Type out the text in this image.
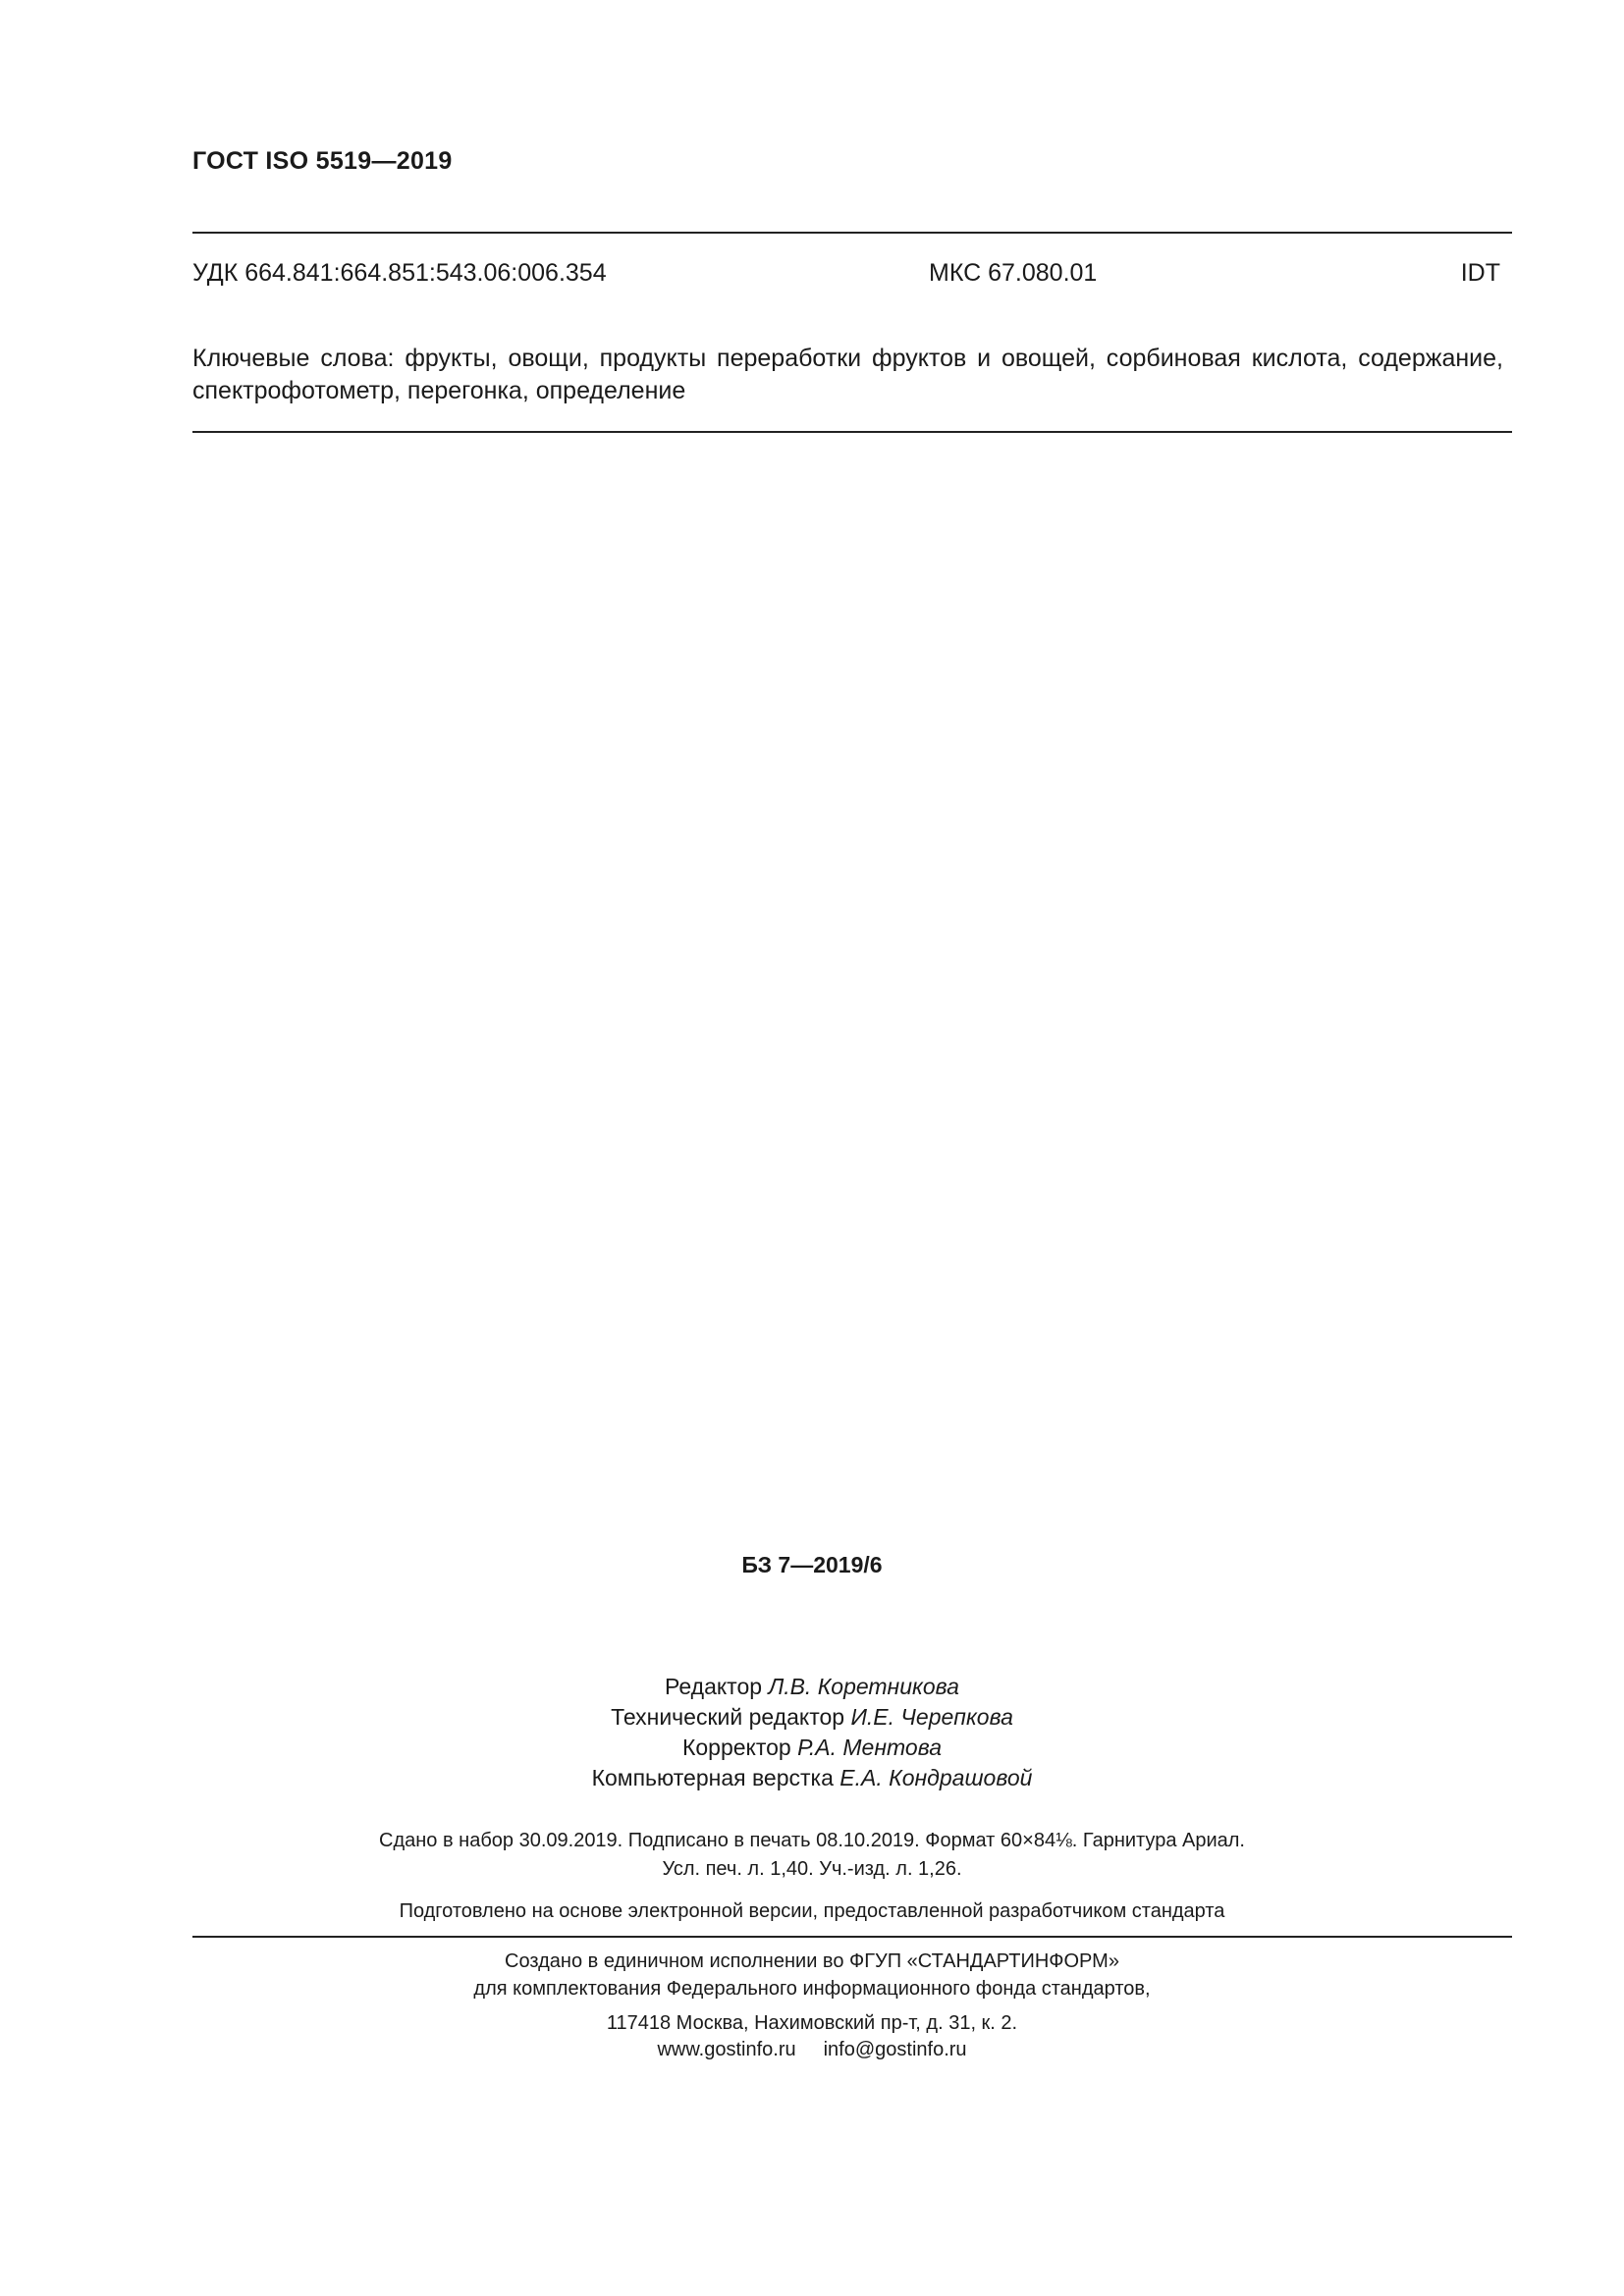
ГОСТ ISO 5519—2019
УДК 664.841:664.851:543.06:006.354	МКС 67.080.01	IDT
Ключевые слова: фрукты, овощи, продукты переработки фруктов и овощей, сорбиновая кислота, содержание, спектрофотометр, перегонка, определение
БЗ 7—2019/6
Редактор Л.В. Коретникова
Технический редактор И.Е. Черепкова
Корректор Р.А. Ментова
Компьютерная верстка Е.А. Кондрашовой
Сдано в набор 30.09.2019. Подписано в печать 08.10.2019. Формат 60×84⅛. Гарнитура Ариал.
Усл. печ. л. 1,40. Уч.-изд. л. 1,26.
Подготовлено на основе электронной версии, предоставленной разработчиком стандарта
Создано в единичном исполнении во ФГУП «СТАНДАРТИНФОРМ»
для комплектования Федерального информационного фонда стандартов,
117418 Москва, Нахимовский пр-т, д. 31, к. 2.
www.gostinfo.ru info@gostinfo.ru
